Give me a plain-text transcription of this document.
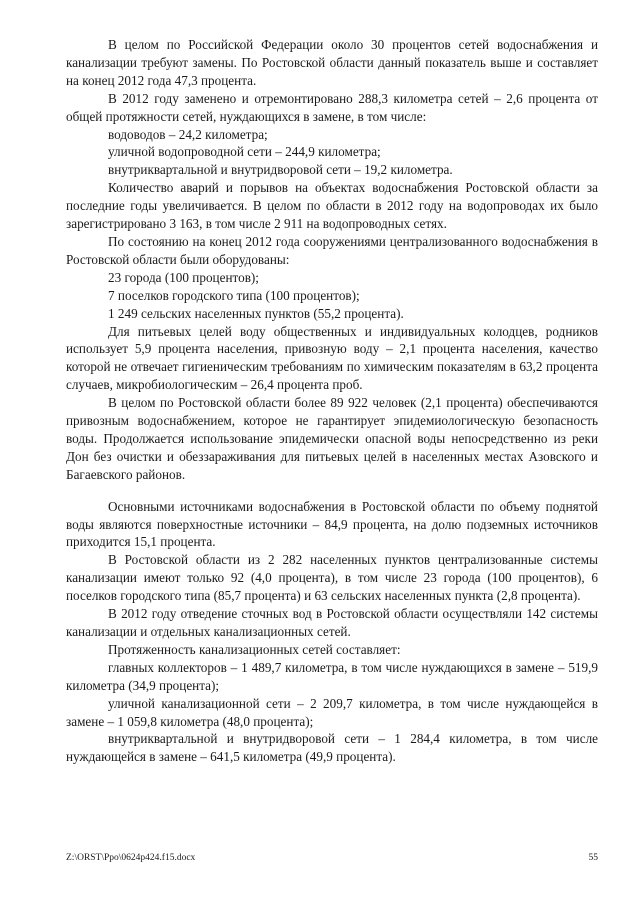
В целом по Российской Федерации около 30 процентов сетей водоснабжения и канализации требуют замены. По Ростовской области данный показатель выше и составляет на конец 2012 года 47,3 процента.

В 2012 году заменено и отремонтировано 288,3 километра сетей – 2,6 процента от общей протяжности сетей, нуждающихся в замене, в том числе:

водоводов – 24,2 километра;

уличной водопроводной сети – 244,9 километра;

внутриквартальной и внутридворовой сети – 19,2 километра.

Количество аварий и порывов на объектах водоснабжения Ростовской области за последние годы увеличивается. В целом по области в 2012 году на водопроводах их было зарегистрировано 3 163, в том числе 2 911 на водопроводных сетях.

По состоянию на конец 2012 года сооружениями централизованного водоснабжения в Ростовской области были оборудованы:

23 города (100 процентов);

7 поселков городского типа (100 процентов);

1 249 сельских населенных пунктов (55,2 процента).

Для питьевых целей воду общественных и индивидуальных колодцев, родников использует 5,9 процента населения, привозную воду – 2,1 процента населения, качество которой не отвечает гигиеническим требованиям по химическим показателям в 63,2 процента случаев, микробиологическим – 26,4 процента проб.

В целом по Ростовской области более 89 922 человек (2,1 процента) обеспечиваются привозным водоснабжением, которое не гарантирует эпидемиологическую безопасность воды. Продолжается использование эпидемически опасной воды непосредственно из реки Дон без очистки и обеззараживания для питьевых целей в населенных местах Азовского и Багаевского районов.

Основными источниками водоснабжения в Ростовской области по объему поднятой воды являются поверхностные источники – 84,9 процента, на долю подземных источников приходится 15,1 процента.

В Ростовской области из 2 282 населенных пунктов централизованные системы канализации имеют только 92 (4,0 процента), в том числе 23 города (100 процентов), 6 поселков городского типа (85,7 процента) и 63 сельских населенных пункта (2,8 процента).

В 2012 году отведение сточных вод в Ростовской области осуществляли 142 системы канализации и отдельных канализационных сетей.

Протяженность канализационных сетей составляет:

главных коллекторов – 1 489,7 километра, в том числе нуждающихся в замене – 519,9 километра (34,9 процента);

уличной канализационной сети – 2 209,7 километра, в том числе нуждающейся в замене – 1 059,8 километра (48,0 процента);

внутриквартальной и внутридворовой сети – 1 284,4 километра, в том числе нуждающейся в замене – 641,5 километра (49,9 процента).

Z:\ORST\Ppo\0624p424.f15.docx	55
